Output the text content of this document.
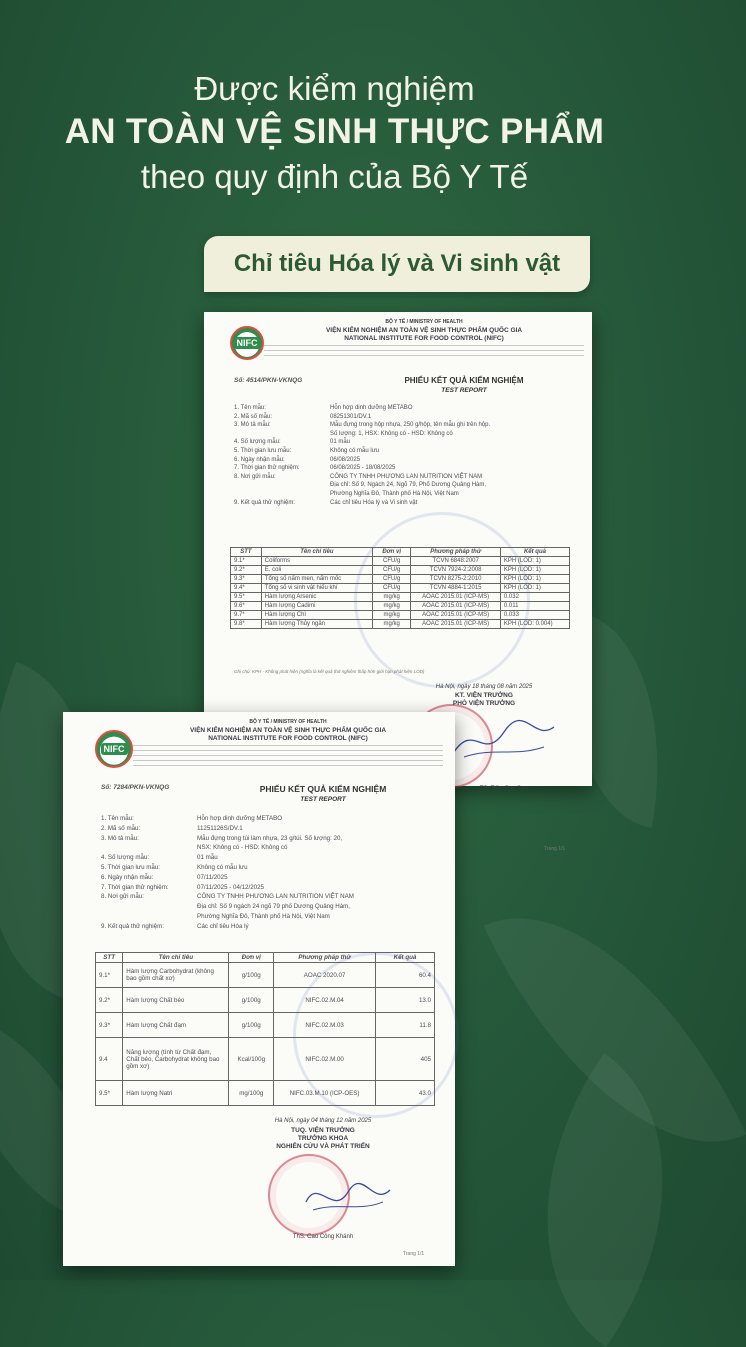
Được kiểm nghiệm
AN TOÀN VỆ SINH THỰC PHẨM
theo quy định của Bộ Y Tế
Chỉ tiêu Hóa lý và Vi sinh vật
NIFC
BỘ Y TẾ / MINISTRY OF HEALTH
VIỆN KIỂM NGHIỆM AN TOÀN VỆ SINH THỰC PHẨM QUỐC GIA
NATIONAL INSTITUTE FOR FOOD CONTROL (NIFC)
Số: 4514/PKN-VKNQG	PHIẾU KẾT QUẢ KIỂM NGHIỆM
TEST REPORT
1. Tên mẫu:	Hỗn hợp dinh dưỡng METABO
2. Mã số mẫu:	08251301/DV.1
3. Mô tả mẫu:	Mẫu đựng trong hộp nhựa, 250 g/hộp, tên mẫu ghi trên hộp.
	Số lượng: 1, HSX: Không có - HSD: Không có
4. Số lượng mẫu:	01 mẫu
5. Thời gian lưu mẫu:	Không có mẫu lưu
6. Ngày nhận mẫu:	06/08/2025
7. Thời gian thử nghiệm:	06/08/2025 - 18/08/2025
8. Nơi gửi mẫu:	CÔNG TY TNHH PHƯƠNG LAN NUTRITION VIỆT NAM
	Địa chỉ: Số 9, Ngách 24, Ngõ 79, Phố Dương Quảng Hàm,
	Phường Nghĩa Đô, Thành phố Hà Nội, Việt Nam
9. Kết quả thử nghiệm:	Các chỉ tiêu Hóa lý và Vi sinh vật
STT	Tên chỉ tiêu	Đơn vị	Phương pháp thử	Kết quả
9.1*	Coliforms	CFU/g	TCVN 6848:2007	KPH (LOD: 1)
9.2*	E. coli	CFU/g	TCVN 7924-2:2008	KPH (LOD: 1)
9.3*	Tổng số nấm men, nấm mốc	CFU/g	TCVN 8275-2:2010	KPH (LOD: 1)
9.4*	Tổng số vi sinh vật hiếu khí	CFU/g	TCVN 4884-1:2015	KPH (LOD: 1)
9.5*	Hàm lượng Arsenic	mg/kg	AOAC 2015.01 (ICP-MS)	0.032
9.6*	Hàm lượng Cadimi	mg/kg	AOAC 2015.01 (ICP-MS)	0.011
9.7*	Hàm lượng Chì	mg/kg	AOAC 2015.01 (ICP-MS)	0.033
9.8*	Hàm lượng Thủy ngân	mg/kg	AOAC 2015.01 (ICP-MS)	KPH (LOD: 0.004)
Ghi chú: KPH - Không phát hiện (nghĩa là kết quả thử nghiệm thấp hơn giới hạn phát hiện LOD)
Hà Nội, ngày 18 tháng 08 năm 2025
KT. VIỆN TRƯỞNG
PHÓ VIỆN TRƯỞNG
TS. Trần Cao Sơn
Trang 1/1
NIFC
BỘ Y TẾ / MINISTRY OF HEALTH
VIỆN KIỂM NGHIỆM AN TOÀN VỆ SINH THỰC PHẨM QUỐC GIA
NATIONAL INSTITUTE FOR FOOD CONTROL (NIFC)
Số: 7284/PKN-VKNQG	PHIẾU KẾT QUẢ KIỂM NGHIỆM
TEST REPORT
1. Tên mẫu:	Hỗn hợp dinh dưỡng METABO
2. Mã số mẫu:	11251126S/DV.1
3. Mô tả mẫu:	Mẫu đựng trong túi làm nhựa, 23 g/túi. Số lượng: 20,
	NSX: Không có - HSD: Không có
4. Số lượng mẫu:	01 mẫu
5. Thời gian lưu mẫu:	Không có mẫu lưu
6. Ngày nhận mẫu:	07/11/2025
7. Thời gian thử nghiệm:	07/11/2025 - 04/12/2025
8. Nơi gửi mẫu:	CÔNG TY TNHH PHƯƠNG LAN NUTRITION VIỆT NAM
	Địa chỉ: Số 9 ngách 24 ngõ 79 phố Dương Quảng Hàm,
	Phường Nghĩa Đô, Thành phố Hà Nội, Việt Nam
9. Kết quả thử nghiệm:	Các chỉ tiêu Hóa lý
STT	Tên chỉ tiêu	Đơn vị	Phương pháp thử	Kết quả
9.1*	Hàm lượng Carbohydrat (không bao gồm chất xơ)	g/100g	AOAC 2020.07	60.4
9.2*	Hàm lượng Chất béo	g/100g	NIFC.02.M.04	13.0
9.3*	Hàm lượng Chất đạm	g/100g	NIFC.02.M.03	11.8
9.4	Năng lượng (tính từ Chất đạm, Chất béo, Carbohydrat không bao gồm xơ)	Kcal/100g	NIFC.02.M.00	405
9.5*	Hàm lượng Natri	mg/100g	NIFC.03.M.10 (ICP-OES)	43.0
Hà Nội, ngày 04 tháng 12 năm 2025
TUQ. VIỆN TRƯỞNG
TRƯỞNG KHOA
NGHIÊN CỨU VÀ PHÁT TRIỂN
ThS. Cao Công Khánh
Trang 1/1
